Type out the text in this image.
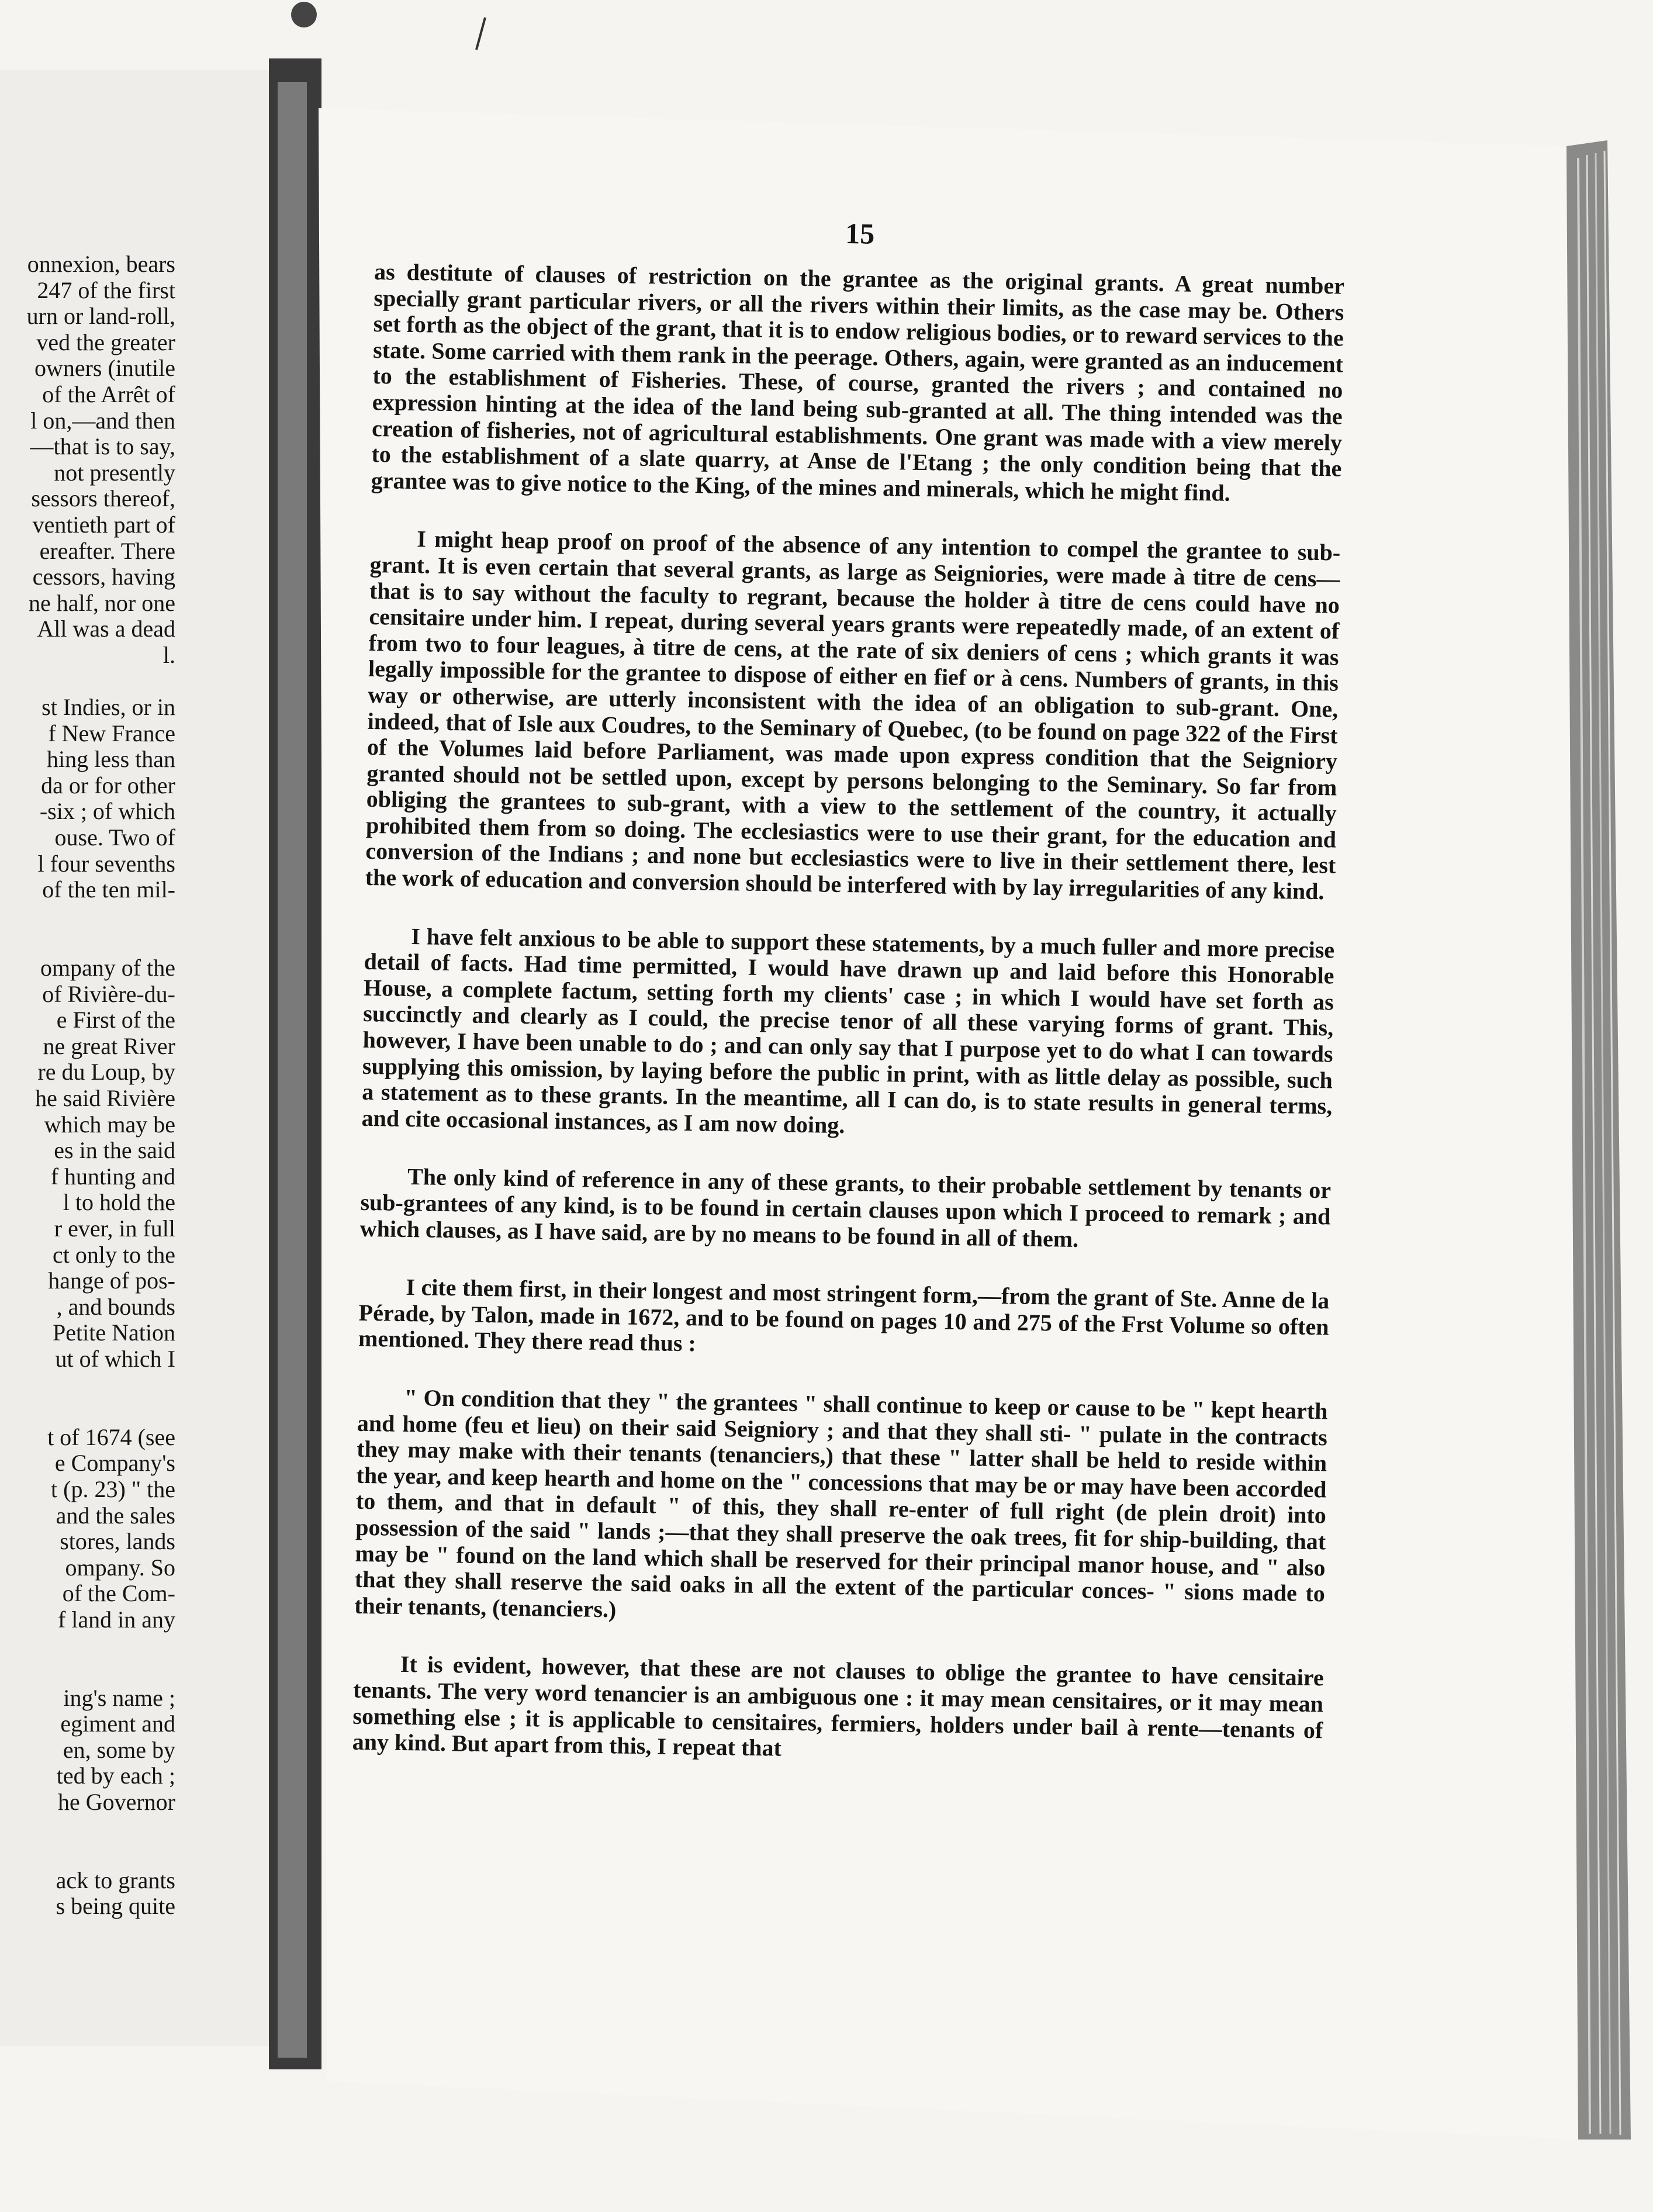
onnexion, bears
247 of the first
urn or land-roll,
ved the greater
owners (inutile
of the Arrêt of
l on,—and then
—that is to say,
not presently
sessors thereof,
ventieth part of
ereafter. There
cessors, having
ne half, nor one
All was a dead
l.
st Indies, or in
f New France
hing less than
da or for other
-six ; of which
ouse. Two of
l four sevenths
of the ten mil-
ompany of the
of Rivière-du-
e First of the
ne great River
re du Loup, by
he said Rivière
which may be
es in the said
f hunting and
l to hold the
r ever, in full
ct only to the
hange of pos-
, and bounds
Petite Nation
ut of which I
t of 1674 (see
e Company's
t (p. 23) " the
and the sales
stores, lands
ompany. So
of the Com-
f land in any
ing's name ;
egiment and
en, some by
ted by each ;
he Governor
ack to grants
s being quite
15

as destitute of clauses of restriction on the grantee as the original grants. A great number specially grant particular rivers, or all the rivers within their limits, as the case may be. Others set forth as the object of the grant, that it is to endow religious bodies, or to reward services to the state. Some carried with them rank in the peerage. Others, again, were granted as an inducement to the establishment of Fisheries. These, of course, granted the rivers ; and contained no expression hinting at the idea of the land being sub-granted at all. The thing intended was the creation of fisheries, not of agricultural establishments. One grant was made with a view merely to the establishment of a slate quarry, at Anse de l'Etang ; the only condition being that the grantee was to give notice to the King, of the mines and minerals, which he might find.

I might heap proof on proof of the absence of any intention to compel the grantee to sub-grant. It is even certain that several grants, as large as Seigniories, were made à titre de cens—that is to say without the faculty to regrant, because the holder à titre de cens could have no censitaire under him. I repeat, during several years grants were repeatedly made, of an extent of from two to four leagues, à titre de cens, at the rate of six deniers of cens ; which grants it was legally impossible for the grantee to dispose of either en fief or à cens. Numbers of grants, in this way or otherwise, are utterly inconsistent with the idea of an obligation to sub-grant. One, indeed, that of Isle aux Coudres, to the Seminary of Quebec, (to be found on page 322 of the First of the Volumes laid before Parliament, was made upon express condition that the Seigniory granted should not be settled upon, except by persons belonging to the Seminary. So far from obliging the grantees to sub-grant, with a view to the settlement of the country, it actually prohibited them from so doing. The ecclesiastics were to use their grant, for the education and conversion of the Indians ; and none but ecclesiastics were to live in their settlement there, lest the work of education and conversion should be interfered with by lay irregularities of any kind.

I have felt anxious to be able to support these statements, by a much fuller and more precise detail of facts. Had time permitted, I would have drawn up and laid before this Honorable House, a complete factum, setting forth my clients' case ; in which I would have set forth as succinctly and clearly as I could, the precise tenor of all these varying forms of grant. This, however, I have been unable to do ; and can only say that I purpose yet to do what I can towards supplying this omission, by laying before the public in print, with as little delay as possible, such a statement as to these grants. In the meantime, all I can do, is to state results in general terms, and cite occasional instances, as I am now doing.

The only kind of reference in any of these grants, to their probable settlement by tenants or sub-grantees of any kind, is to be found in certain clauses upon which I proceed to remark ; and which clauses, as I have said, are by no means to be found in all of them.

I cite them first, in their longest and most stringent form,—from the grant of Ste. Anne de la Pérade, by Talon, made in 1672, and to be found on pages 10 and 275 of the Frst Volume so often mentioned. They there read thus :

" On condition that they " the grantees " shall continue to keep or cause to be " kept hearth and home (feu et lieu) on their said Seigniory ; and that they shall sti- " pulate in the contracts they may make with their tenants (tenanciers,) that these " latter shall be held to reside within the year, and keep hearth and home on the " concessions that may be or may have been accorded to them, and that in default " of this, they shall re-enter of full right (de plein droit) into possession of the said " lands ;—that they shall preserve the oak trees, fit for ship-building, that may be " found on the land which shall be reserved for their principal manor house, and " also that they shall reserve the said oaks in all the extent of the particular conces- " sions made to their tenants, (tenanciers.)

It is evident, however, that these are not clauses to oblige the grantee to have censitaire tenants. The very word tenancier is an ambiguous one : it may mean censitaires, or it may mean something else ; it is applicable to censitaires, fermiers, holders under bail à rente—tenants of any kind. But apart from this, I repeat that
